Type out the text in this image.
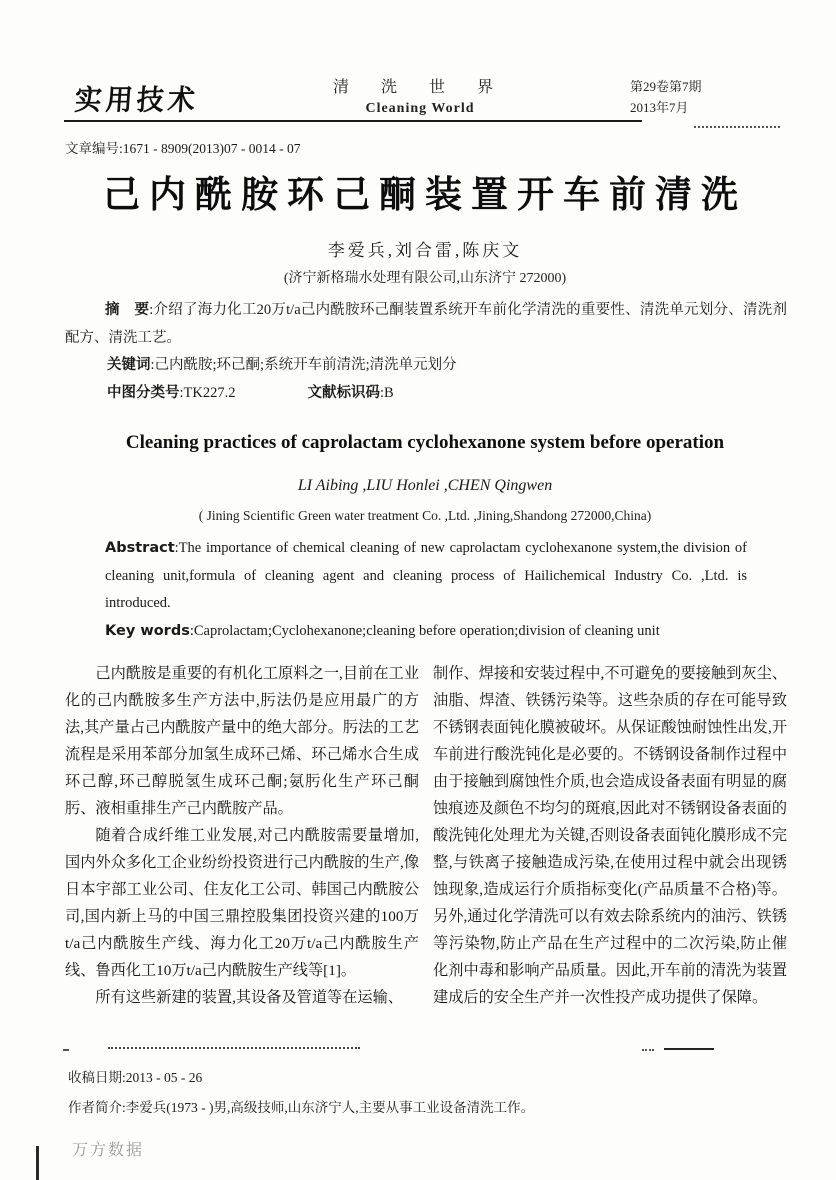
实用技术	清 洗 世 界
Cleaning World
第29卷第7期
2013年7月
文章编号:1671 - 8909(2013)07 - 0014 - 07
己内酰胺环己酮装置开车前清洗
李爱兵,刘合雷,陈庆文
(济宁新格瑞水处理有限公司,山东济宁 272000)

摘　要:介绍了海力化工20万t/a己内酰胺环己酮装置系统开车前化学清洗的重要性、清洗单元划分、清洗剂配方、清洗工艺。

关键词:己内酰胺;环己酮;系统开车前清洗;清洗单元划分

中图分类号:TK227.2	文献标识码:B

Cleaning practices of caprolactam cyclohexanone system before operation
LI Aibing ,LIU Honlei ,CHEN Qingwen
( Jining Scientific Green water treatment Co. ,Ltd. ,Jining,Shandong 272000,China)

Abstract:The importance of chemical cleaning of new caprolactam cyclohexanone system,the division of cleaning unit,formula of cleaning agent and cleaning process of Hailichemical Industry Co. ,Ltd. is introduced.

Key words:Caprolactam;Cyclohexanone;cleaning before operation;division of cleaning unit

己内酰胺是重要的有机化工原料之一,目前在工业化的己内酰胺多生产方法中,肟法仍是应用最广的方法,其产量占己内酰胺产量中的绝大部分。肟法的工艺流程是采用苯部分加氢生成环己烯、环己烯水合生成环己醇,环己醇脱氢生成环己酮;氨肟化生产环己酮肟、液相重排生产己内酰胺产品。

随着合成纤维工业发展,对己内酰胺需要量增加,国内外众多化工企业纷纷投资进行己内酰胺的生产,像日本宇部工业公司、住友化工公司、韩国己内酰胺公司,国内新上马的中国三鼎控股集团投资兴建的100万t/a己内酰胺生产线、海力化工20万t/a己内酰胺生产线、鲁西化工10万t/a己内酰胺生产线等[1]。

所有这些新建的装置,其设备及管道等在运输、

制作、焊接和安装过程中,不可避免的要接触到灰尘、油脂、焊渣、铁锈污染等。这些杂质的存在可能导致不锈钢表面钝化膜被破坏。从保证酸蚀耐蚀性出发,开车前进行酸洗钝化是必要的。不锈钢设备制作过程中由于接触到腐蚀性介质,也会造成设备表面有明显的腐蚀痕迹及颜色不均匀的斑痕,因此对不锈钢设备表面的酸洗钝化处理尤为关键,否则设备表面钝化膜形成不完整,与铁离子接触造成污染,在使用过程中就会出现锈蚀现象,造成运行介质指标变化(产品质量不合格)等。另外,通过化学清洗可以有效去除系统内的油污、铁锈等污染物,防止产品在生产过程中的二次污染,防止催化剂中毒和影响产品质量。因此,开车前的清洗为装置建成后的安全生产并一次性投产成功提供了保障。

收稿日期:2013 - 05 - 26
作者简介:李爱兵(1973 - )男,高级技师,山东济宁人,主要从事工业设备清洗工作。
万方数据
